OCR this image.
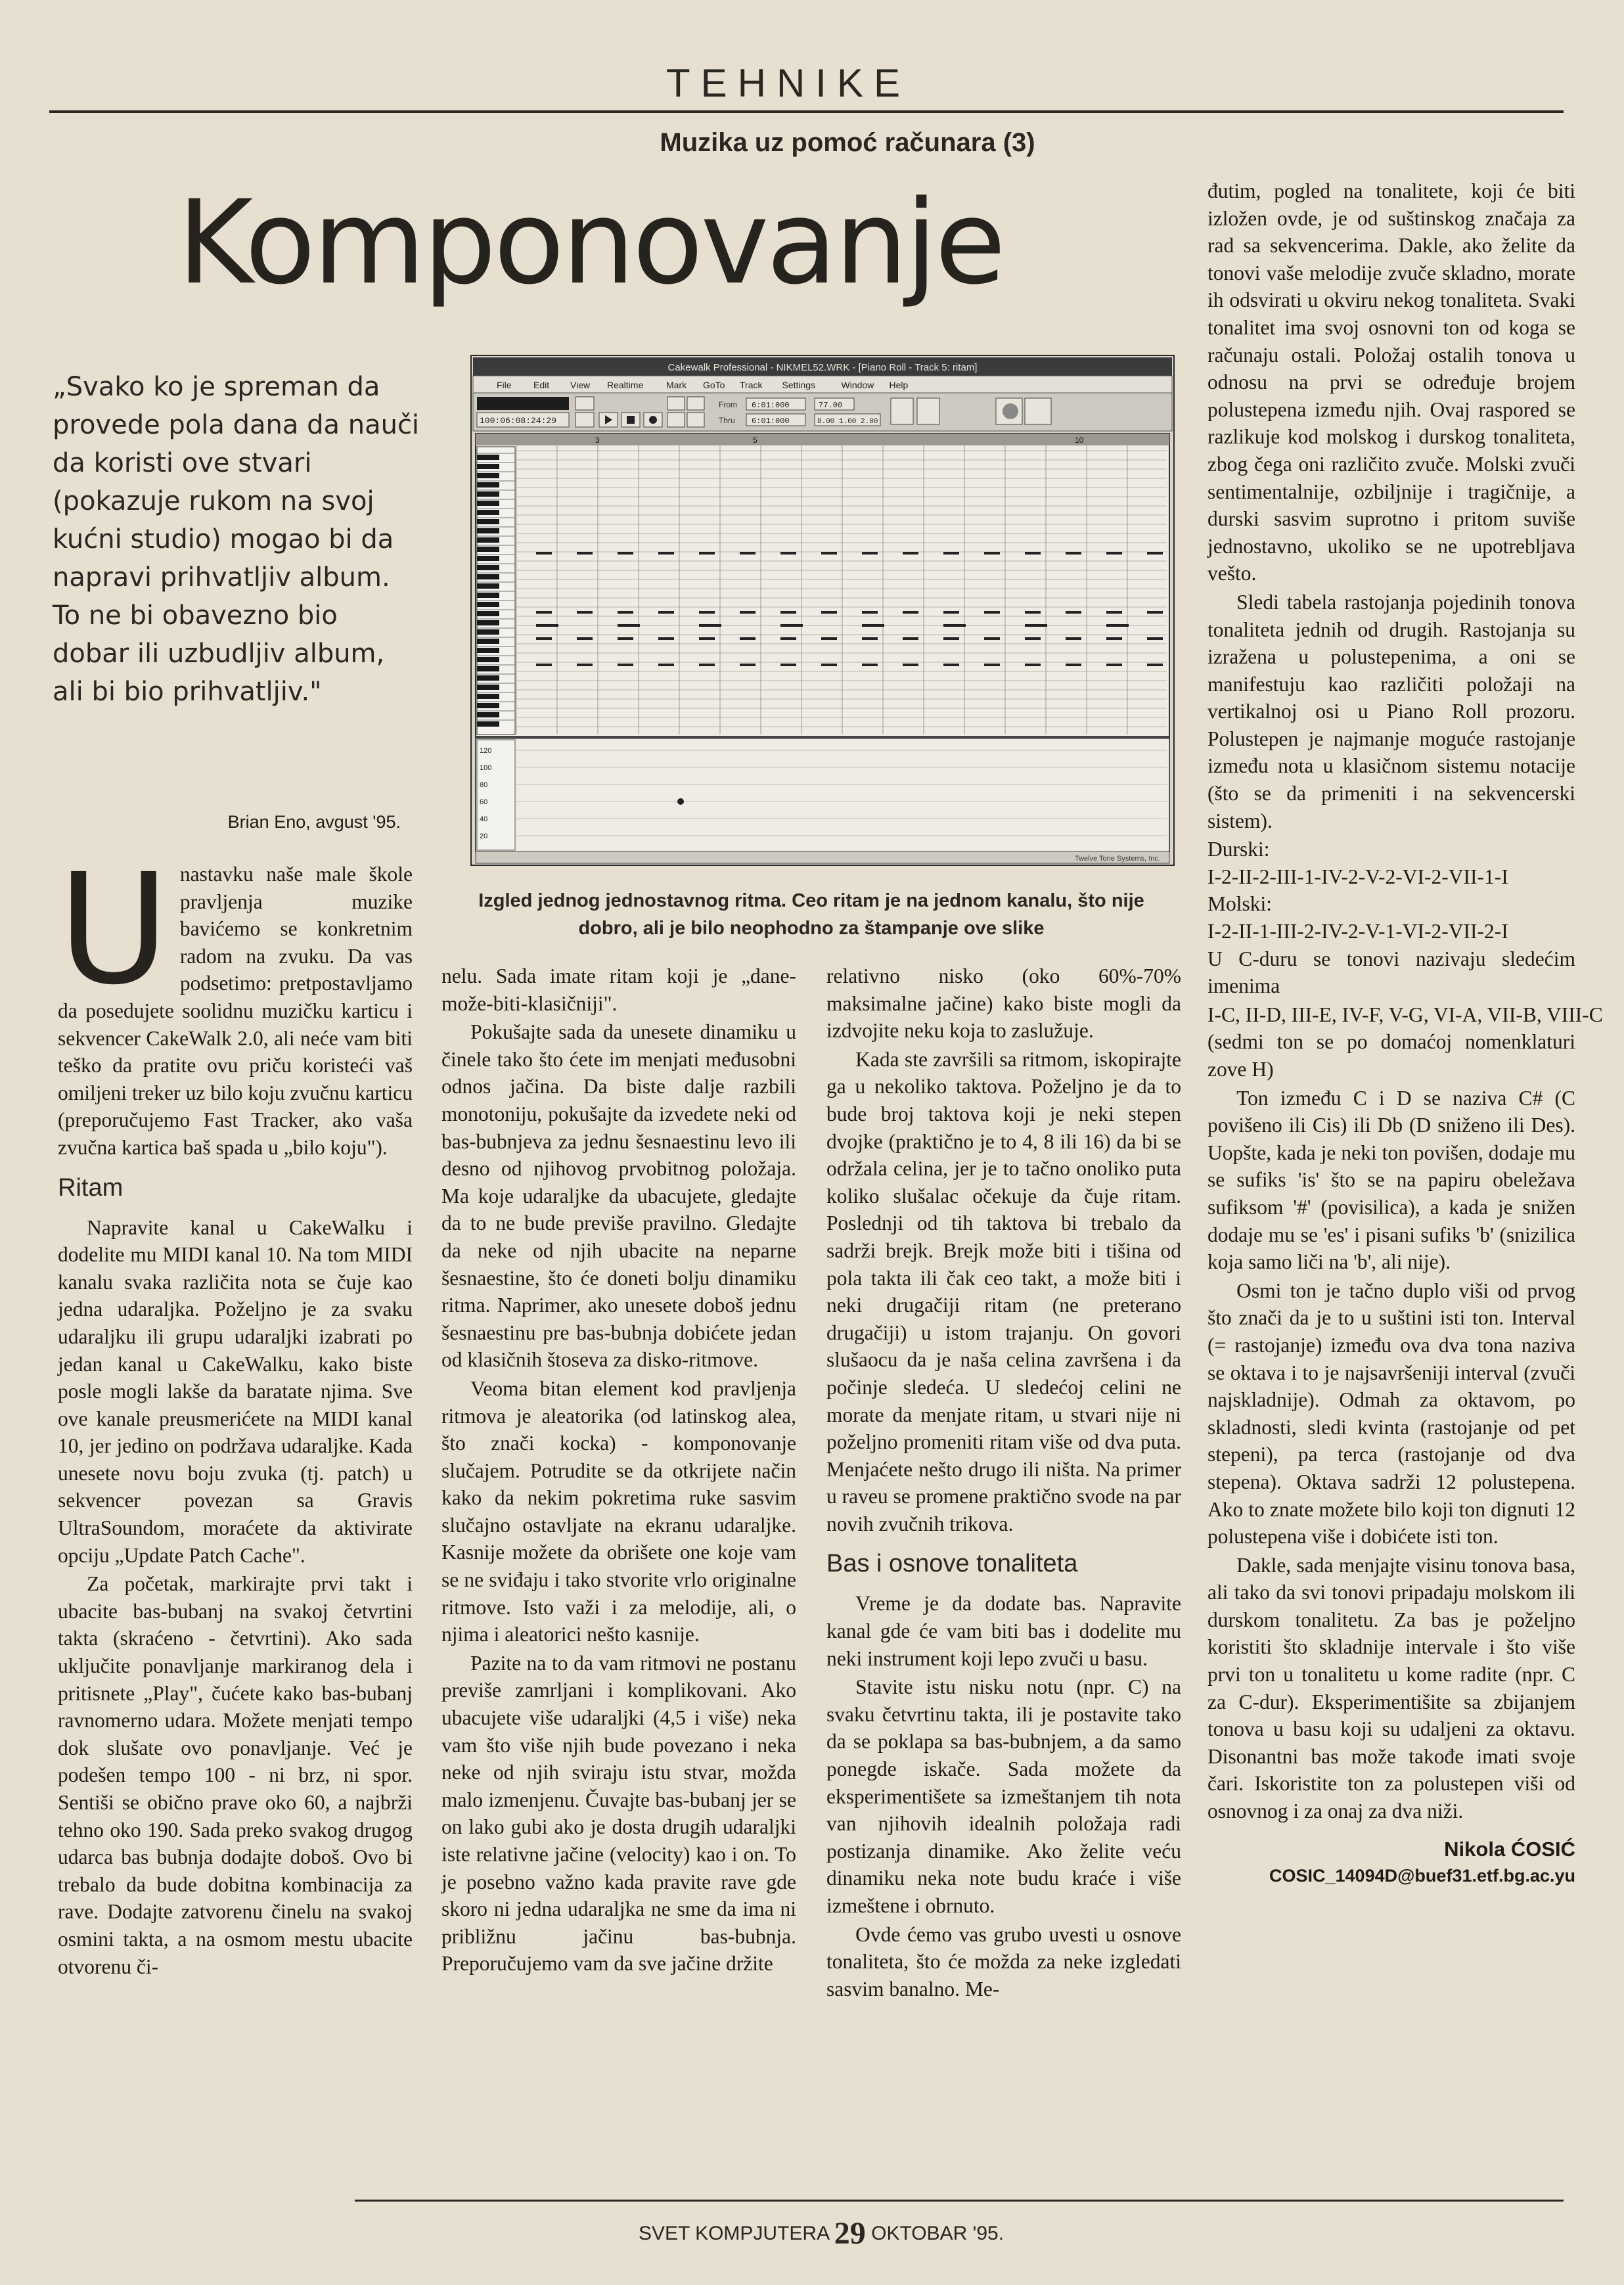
TEHNIKE
Muzika uz pomoć računara (3)
Komponovanje
„Svako ko je spreman da provede pola dana da nauči da koristi ove stvari (pokazuje rukom na svoj kućni studio) mogao bi da napravi prihvatljiv album. To ne bi obavezno bio dobar ili uzbudljiv album, ali bi bio prihvatljiv."
Brian Eno, avgust '95.
Cakewalk Professional - NIKMEL52.WRK - [Piano Roll - Track 5: ritam]
File Edit View Realtime Mark GoTo Track Settings	Window Help
100:06:08:24:29
From
Thru
6:01:000
6:01:000
77.00
8.00 1.00 2.00
3	5	10
120
100
80
60
40
20
Twelve Tone Systems, Inc.
Izgled jednog jednostavnog ritma. Ceo ritam je na jednom kanalu, što nije dobro, ali je bilo neophodno za štampanje ove slike
U nastavku naše male škole pravljenja muzike bavićemo se konkretnim radom na zvuku. Da vas podsetimo: pretpostavljamo da posedujete soolidnu muzičku karticu i sekvencer CakeWalk 2.0, ali neće vam biti teško da pratite ovu priču koristeći vaš omiljeni treker uz bilo koju zvučnu karticu (preporučujemo Fast Tracker, ako vaša zvučna kartica baš spada u „bilo koju").

Ritam

Napravite kanal u CakeWalku i dodelite mu MIDI kanal 10. Na tom MIDI kanalu svaka različita nota se čuje kao jedna udaraljka. Poželjno je za svaku udaraljku ili grupu udaraljki izabrati po jedan kanal u CakeWalku, kako biste posle mogli lakše da baratate njima. Sve ove kanale preusmerićete na MIDI kanal 10, jer jedino on podržava udaraljke. Kada unesete novu boju zvuka (tj. patch) u sekvencer povezan sa Gravis UltraSoundom, moraćete da aktivirate opciju „Update Patch Cache".

Za početak, markirajte prvi takt i ubacite bas-bubanj na svakoj četvrtini takta (skraćeno - četvrtini). Ako sada uključite ponavljanje markiranog dela i pritisnete „Play", čućete kako bas-bubanj ravnomerno udara. Možete menjati tempo dok slušate ovo ponavljanje. Već je podešen tempo 100 - ni brz, ni spor. Sentiši se obično prave oko 60, a najbrži tehno oko 190. Sada preko svakog drugog udarca bas bubnja dodajte doboš. Ovo bi trebalo da bude dobitna kombinacija za rave. Dodajte zatvorenu činelu na svakoj osmini takta, a na osmom mestu ubacite otvorenu či-

nelu. Sada imate ritam koji je „dane-može-biti-klasičniji".

Pokušajte sada da unesete dinamiku u činele tako što ćete im menjati međusobni odnos jačina. Da biste dalje razbili monotoniju, pokušajte da izvedete neki od bas-bubnjeva za jednu šesnaestinu levo ili desno od njihovog prvobitnog položaja. Ma koje udaraljke da ubacujete, gledajte da to ne bude previše pravilno. Gledajte da neke od njih ubacite na neparne šesnaestine, što će doneti bolju dinamiku ritma. Naprimer, ako unesete doboš jednu šesnaestinu pre bas-bubnja dobićete jedan od klasičnih štoseva za disko-ritmove.

Veoma bitan element kod pravljenja ritmova je aleatorika (od latinskog alea, što znači kocka) - komponovanje slučajem. Potrudite se da otkrijete način kako da nekim pokretima ruke sasvim slučajno ostavljate na ekranu udaraljke. Kasnije možete da obrišete one koje vam se ne sviđaju i tako stvorite vrlo originalne ritmove. Isto važi i za melodije, ali, o njima i aleatorici nešto kasnije.

Pazite na to da vam ritmovi ne postanu previše zamrljani i komplikovani. Ako ubacujete više udaraljki (4,5 i više) neka vam što više njih bude povezano i neka neke od njih sviraju istu stvar, možda malo izmenjenu. Čuvajte bas-bubanj jer se on lako gubi ako je dosta drugih udaraljki iste relativne jačine (velocity) kao i on. To je posebno važno kada pravite rave gde skoro ni jedna udaraljka ne sme da ima ni približnu jačinu bas-bubnja. Preporučujemo vam da sve jačine držite

relativno nisko (oko 60%-70% maksimalne jačine) kako biste mogli da izdvojite neku koja to zaslužuje.

Kada ste završili sa ritmom, iskopirajte ga u nekoliko taktova. Poželjno je da to bude broj taktova koji je neki stepen dvojke (praktično je to 4, 8 ili 16) da bi se održala celina, jer je to tačno onoliko puta koliko slušalac očekuje da čuje ritam. Poslednji od tih taktova bi trebalo da sadrži brejk. Brejk može biti i tišina od pola takta ili čak ceo takt, a može biti i neki drugačiji ritam (ne preterano drugačiji) u istom trajanju. On govori slušaocu da je naša celina završena i da počinje sledeća. U sledećoj celini ne morate da menjate ritam, u stvari nije ni poželjno promeniti ritam više od dva puta. Menjaćete nešto drugo ili ništa. Na primer u raveu se promene praktično svode na par novih zvučnih trikova.

Bas i osnove tonaliteta

Vreme je da dodate bas. Napravite kanal gde će vam biti bas i dodelite mu neki instrument koji lepo zvuči u basu.

Stavite istu nisku notu (npr. C) na svaku četvrtinu takta, ili je postavite tako da se poklapa sa bas-bubnjem, a da samo ponegde iskače. Sada možete da eksperimentišete sa izmeštanjem tih nota van njihovih idealnih položaja radi postizanja dinamike. Ako želite veću dinamiku neka note budu kraće i više izmeštene i obrnuto.

Ovde ćemo vas grubo uvesti u osnove tonaliteta, što će možda za neke izgledati sasvim banalno. Me-

đutim, pogled na tonalitete, koji će biti izložen ovde, je od suštinskog značaja za rad sa sekvencerima. Dakle, ako želite da tonovi vaše melodije zvuče skladno, morate ih odsvirati u okviru nekog tonaliteta. Svaki tonalitet ima svoj osnovni ton od koga se računaju ostali. Položaj ostalih tonova u odnosu na prvi se određuje brojem polustepena između njih. Ovaj raspored se razlikuje kod molskog i durskog tonaliteta, zbog čega oni različito zvuče. Molski zvuči sentimentalnije, ozbiljnije i tragičnije, a durski sasvim suprotno i pritom suviše jednostavno, ukoliko se ne upotrebljava vešto.

Sledi tabela rastojanja pojedinih tonova tonaliteta jednih od drugih. Rastojanja su izražena u polustepenima, a oni se manifestuju kao različiti položaji na vertikalnoj osi u Piano Roll prozoru. Polustepen je najmanje moguće rastojanje između nota u klasičnom sistemu notacije (što se da primeniti i na sekvencerski sistem).

Durski:
I-2-II-2-III-1-IV-2-V-2-VI-2-VII-1-I
Molski:
I-2-II-1-III-2-IV-2-V-1-VI-2-VII-2-I

U C-duru se tonovi nazivaju sledećim imenima

I-C, II-D, III-E, IV-F, V-G, VI-A, VII-B, VIII-C

(sedmi ton se po domaćoj nomenklaturi zove H)

Ton između C i D se naziva C# (C povišeno ili Cis) ili Db (D sniženo ili Des). Uopšte, kada je neki ton povišen, dodaje mu se sufiks 'is' što se na papiru obeležava sufiksom '#' (povisilica), a kada je snižen dodaje mu se 'es' i pisani sufiks 'b' (snizilica koja samo liči na 'b', ali nije).

Osmi ton je tačno duplo viši od prvog što znači da je to u suštini isti ton. Interval (= rastojanje) između ova dva tona naziva se oktava i to je najsavršeniji interval (zvuči najskladnije). Odmah za oktavom, po skladnosti, sledi kvinta (rastojanje od pet stepeni), pa terca (rastojanje od dva stepena). Oktava sadrži 12 polustepena. Ako to znate možete bilo koji ton dignuti 12 polustepena više i dobićete isti ton.

Dakle, sada menjajte visinu tonova basa, ali tako da svi tonovi pripadaju molskom ili durskom tonalitetu. Za bas je poželjno koristiti što skladnije intervale i što više prvi ton u tonalitetu u kome radite (npr. C za C-dur). Eksperimentišite sa zbijanjem tonova u basu koji su udaljeni za oktavu. Disonantni bas može takođe imati svoje čari. Iskoristite ton za polustepen viši od osnovnog i za onaj za dva niži.

Nikola ĆOSIĆ
COSIC_14094D@buef31.etf.bg.ac.yu
SVET KOMPJUTERA 29 OKTOBAR '95.
